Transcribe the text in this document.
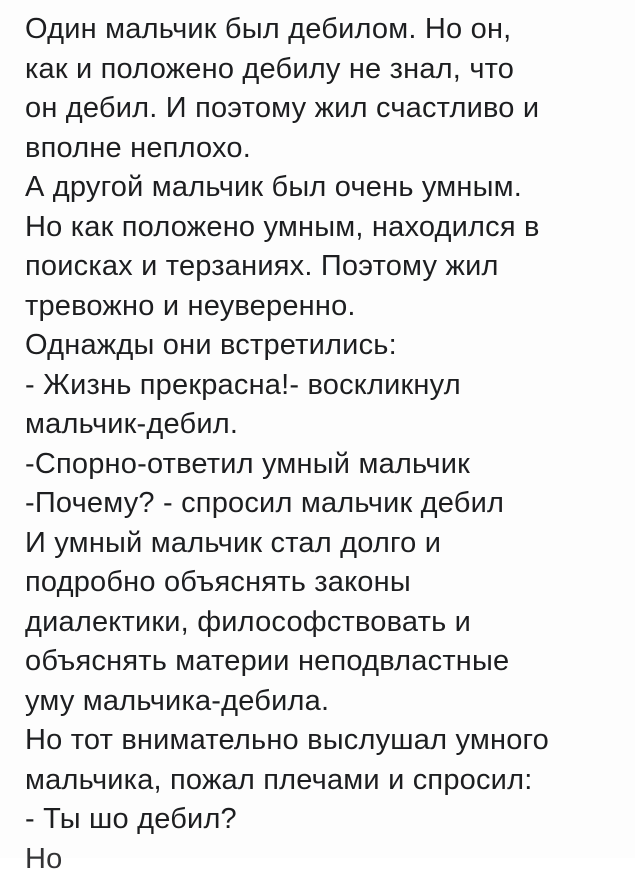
Один мальчик был дебилом. Но он,
как и положено дебилу не знал, что
он дебил. И поэтому жил счастливо и
вполне неплохо.
А другой мальчик был очень умным.
Но как положено умным, находился в
поисках и терзаниях. Поэтому жил
тревожно и неуверенно.
Однажды они встретились:
- Жизнь прекрасна!- воскликнул
мальчик-дебил.
-Спорно-ответил умный мальчик
-Почему? - спросил мальчик дебил
И умный мальчик стал долго и
подробно объяснять законы
диалектики, философствовать и
объяснять материи неподвластные
уму мальчика-дебила.
Но тот внимательно выслушал умного
мальчика, пожал плечами и спросил:
- Ты шо дебил?
Но
